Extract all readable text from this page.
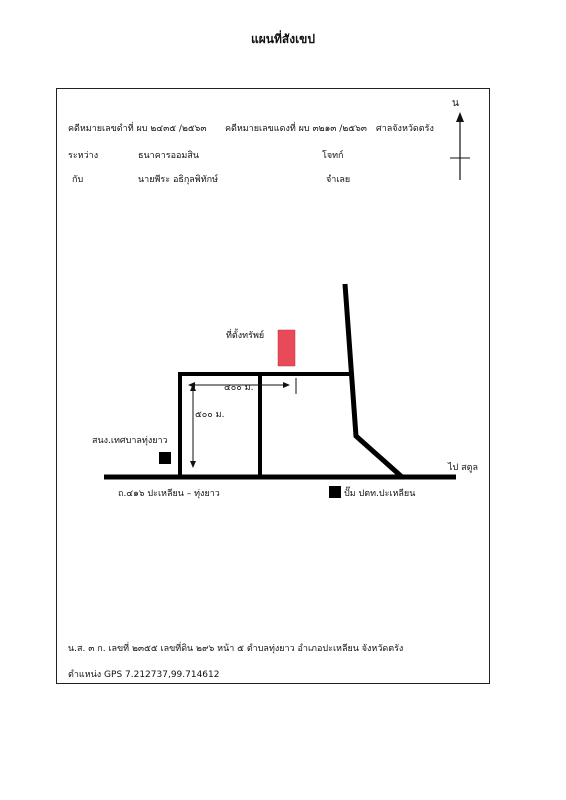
แผนที่สังเขป
คดีหมายเลขดำที่ ผบ ๒๔๓๕ /๒๕๖๓ คดีหมายเลขแดงที่ ผบ ๓๒๑๓ /๒๕๖๓ ศาลจังหวัดตรัง
ระหว่าง	ธนาคารออมสิน	โจทก์
กับ	นายพีระ อธิกุลพิทักษ์	จำเลย
น
ที่ตั้งทรัพย์
๔๐๐ ม.
๕๐๐ ม.
สนง.เทศบาลทุ่งยาว
ถ.๔๑๖ ปะเหลียน – ทุ่งยาว	ปั๊ม ปตท.ปะเหลียน
ไป สตูล
น.ส. ๓ ก. เลขที่ ๒๓๕๕ เลขที่ดิน ๒๙๖ หน้า ๕ ตำบลทุ่งยาว อำเภอปะเหลียน จังหวัดตรัง
ตำแหน่ง GPS 7.212737,99.714612
